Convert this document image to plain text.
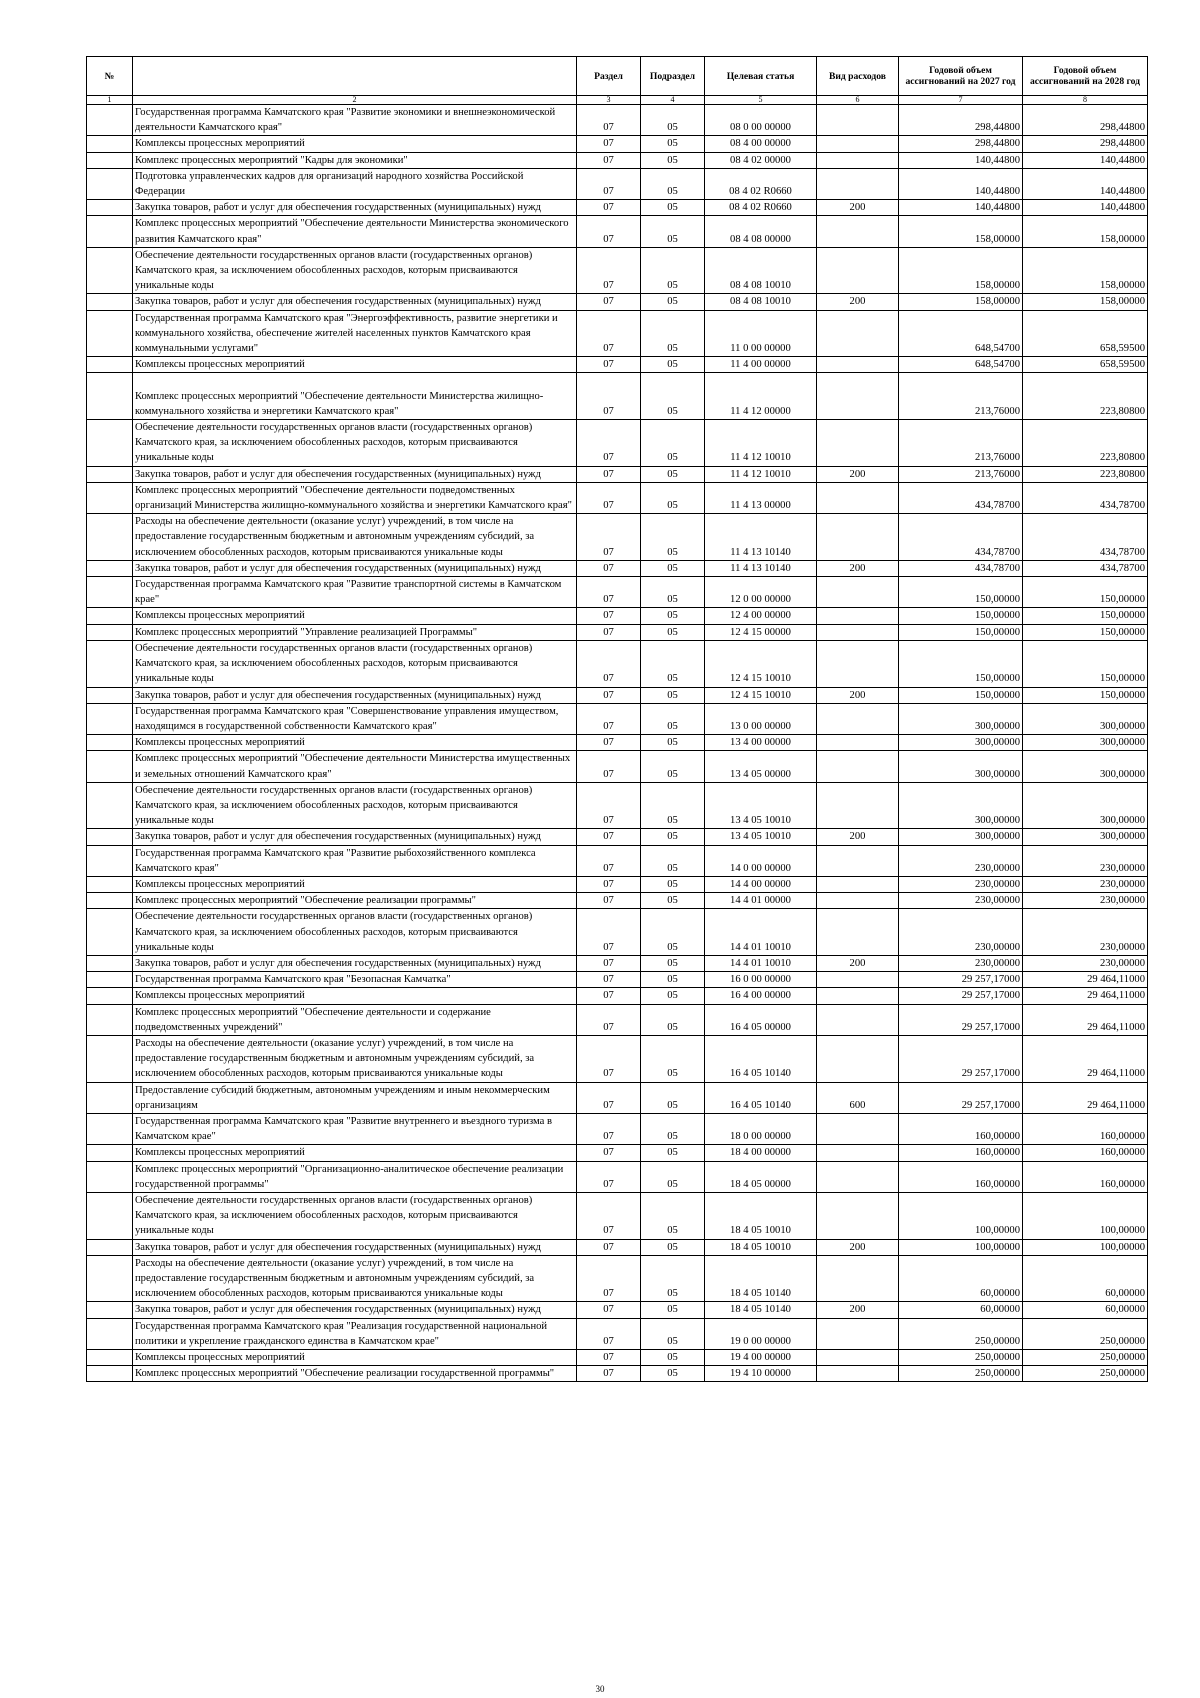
№		Раздел	Подраздел	Целевая статья	Вид расходов	Годовой объем ассигнований на 2027 год	Годовой объем ассигнований на 2028 год
1	2	3	4	5	6	7	8
	Государственная программа Камчатского края "Развитие экономики и внешнеэкономической деятельности Камчатского края"	07	05	08 0 00 00000		298,44800	298,44800
	Комплексы процессных мероприятий	07	05	08 4 00 00000		298,44800	298,44800
	Комплекс процессных мероприятий "Кадры для экономики"	07	05	08 4 02 00000		140,44800	140,44800
	Подготовка управленческих кадров для организаций народного хозяйства Российской Федерации	07	05	08 4 02 R0660		140,44800	140,44800
	Закупка товаров, работ и услуг для обеспечения государственных (муниципальных) нужд	07	05	08 4 02 R0660	200	140,44800	140,44800
	Комплекс процессных мероприятий "Обеспечение деятельности Министерства экономического развития Камчатского края"	07	05	08 4 08 00000		158,00000	158,00000
	Обеспечение деятельности государственных органов власти (государственных органов) Камчатского края, за исключением обособленных расходов, которым присваиваются уникальные коды	07	05	08 4 08 10010		158,00000	158,00000
	Закупка товаров, работ и услуг для обеспечения государственных (муниципальных) нужд	07	05	08 4 08 10010	200	158,00000	158,00000
	Государственная программа Камчатского края "Энергоэффективность, развитие энергетики и коммунального хозяйства, обеспечение жителей населенных пунктов Камчатского края коммунальными услугами"	07	05	11 0 00 00000		648,54700	658,59500
	Комплексы процессных мероприятий	07	05	11 4 00 00000		648,54700	658,59500
	Комплекс процессных мероприятий "Обеспечение деятельности Министерства жилищно-коммунального хозяйства и энергетики Камчатского края"	07	05	11 4 12 00000		213,76000	223,80800
	Обеспечение деятельности государственных органов власти (государственных органов) Камчатского края, за исключением обособленных расходов, которым присваиваются уникальные коды	07	05	11 4 12 10010		213,76000	223,80800
	Закупка товаров, работ и услуг для обеспечения государственных (муниципальных) нужд	07	05	11 4 12 10010	200	213,76000	223,80800
	Комплекс процессных мероприятий "Обеспечение деятельности подведомственных организаций Министерства жилищно-коммунального хозяйства и энергетики Камчатского края"	07	05	11 4 13 00000		434,78700	434,78700
	Расходы на обеспечение деятельности (оказание услуг) учреждений, в том числе на предоставление государственным бюджетным и автономным учреждениям субсидий, за исключением обособленных расходов, которым присваиваются уникальные коды	07	05	11 4 13 10140		434,78700	434,78700
	Закупка товаров, работ и услуг для обеспечения государственных (муниципальных) нужд	07	05	11 4 13 10140	200	434,78700	434,78700
	Государственная программа Камчатского края "Развитие транспортной системы в Камчатском крае"	07	05	12 0 00 00000		150,00000	150,00000
	Комплексы процессных мероприятий	07	05	12 4 00 00000		150,00000	150,00000
	Комплекс процессных мероприятий "Управление реализацией Программы"	07	05	12 4 15 00000		150,00000	150,00000
	Обеспечение деятельности государственных органов власти (государственных органов) Камчатского края, за исключением обособленных расходов, которым присваиваются уникальные коды	07	05	12 4 15 10010		150,00000	150,00000
	Закупка товаров, работ и услуг для обеспечения государственных (муниципальных) нужд	07	05	12 4 15 10010	200	150,00000	150,00000
	Государственная программа Камчатского края "Совершенствование управления имуществом, находящимся в государственной собственности Камчатского края"	07	05	13 0 00 00000		300,00000	300,00000
	Комплексы процессных мероприятий	07	05	13 4 00 00000		300,00000	300,00000
	Комплекс процессных мероприятий "Обеспечение деятельности Министерства имущественных и земельных отношений Камчатского края"	07	05	13 4 05 00000		300,00000	300,00000
	Обеспечение деятельности государственных органов власти (государственных органов) Камчатского края, за исключением обособленных расходов, которым присваиваются уникальные коды	07	05	13 4 05 10010		300,00000	300,00000
	Закупка товаров, работ и услуг для обеспечения государственных (муниципальных) нужд	07	05	13 4 05 10010	200	300,00000	300,00000
	Государственная программа Камчатского края "Развитие рыбохозяйственного комплекса Камчатского края"	07	05	14 0 00 00000		230,00000	230,00000
	Комплексы процессных мероприятий	07	05	14 4 00 00000		230,00000	230,00000
	Комплекс процессных мероприятий "Обеспечение реализации программы"	07	05	14 4 01 00000		230,00000	230,00000
	Обеспечение деятельности государственных органов власти (государственных органов) Камчатского края, за исключением обособленных расходов, которым присваиваются уникальные коды	07	05	14 4 01 10010		230,00000	230,00000
	Закупка товаров, работ и услуг для обеспечения государственных (муниципальных) нужд	07	05	14 4 01 10010	200	230,00000	230,00000
	Государственная программа Камчатского края "Безопасная Камчатка"	07	05	16 0 00 00000		29 257,17000	29 464,11000
	Комплексы процессных мероприятий	07	05	16 4 00 00000		29 257,17000	29 464,11000
	Комплекс процессных мероприятий "Обеспечение деятельности и содержание подведомственных учреждений"	07	05	16 4 05 00000		29 257,17000	29 464,11000
	Расходы на обеспечение деятельности (оказание услуг) учреждений, в том числе на предоставление государственным бюджетным и автономным учреждениям субсидий, за исключением обособленных расходов, которым присваиваются уникальные коды	07	05	16 4 05 10140		29 257,17000	29 464,11000
	Предоставление субсидий бюджетным, автономным учреждениям и иным некоммерческим организациям	07	05	16 4 05 10140	600	29 257,17000	29 464,11000
	Государственная программа Камчатского края "Развитие внутреннего и въездного туризма в Камчатском крае"	07	05	18 0 00 00000		160,00000	160,00000
	Комплексы процессных мероприятий	07	05	18 4 00 00000		160,00000	160,00000
	Комплекс процессных мероприятий "Организационно-аналитическое обеспечение реализации государственной программы"	07	05	18 4 05 00000		160,00000	160,00000
	Обеспечение деятельности государственных органов власти (государственных органов) Камчатского края, за исключением обособленных расходов, которым присваиваются уникальные коды	07	05	18 4 05 10010		100,00000	100,00000
	Закупка товаров, работ и услуг для обеспечения государственных (муниципальных) нужд	07	05	18 4 05 10010	200	100,00000	100,00000
	Расходы на обеспечение деятельности (оказание услуг) учреждений, в том числе на предоставление государственным бюджетным и автономным учреждениям субсидий, за исключением обособленных расходов, которым присваиваются уникальные коды	07	05	18 4 05 10140		60,00000	60,00000
	Закупка товаров, работ и услуг для обеспечения государственных (муниципальных) нужд	07	05	18 4 05 10140	200	60,00000	60,00000
	Государственная программа Камчатского края "Реализация государственной национальной политики и укрепление гражданского единства в Камчатском крае"	07	05	19 0 00 00000		250,00000	250,00000
	Комплексы процессных мероприятий	07	05	19 4 00 00000		250,00000	250,00000
	Комплекс процессных мероприятий "Обеспечение реализации государственной программы"	07	05	19 4 10 00000		250,00000	250,00000
30
